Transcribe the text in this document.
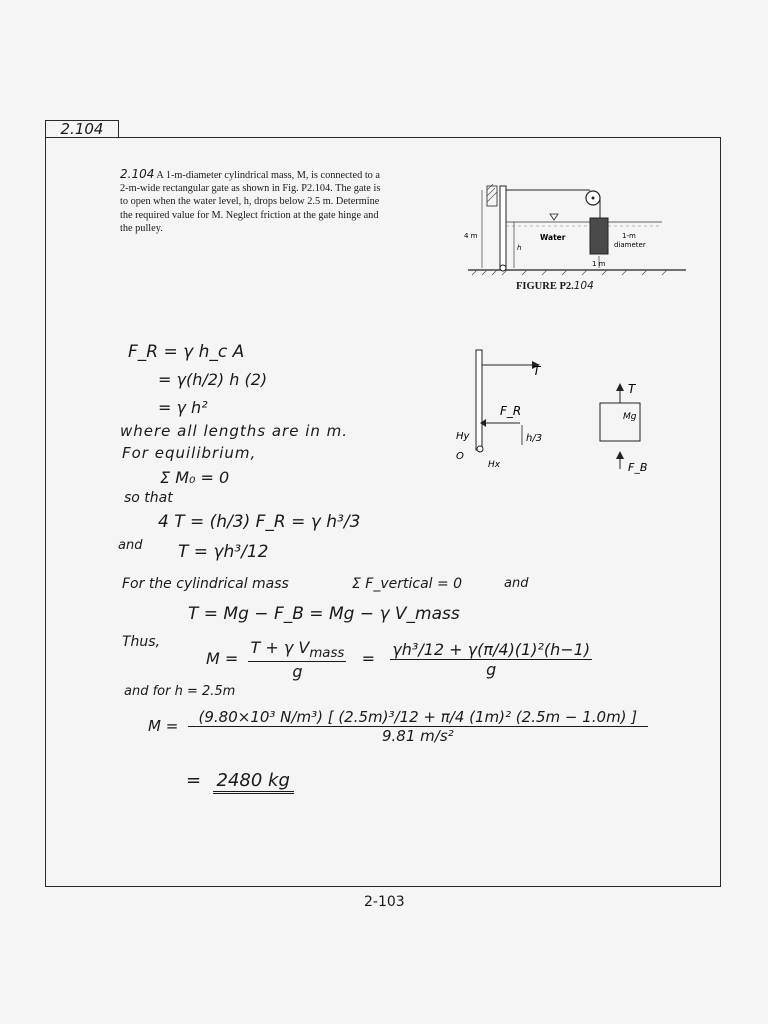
2.104
2.104 A 1-m-diameter cylindrical mass, M, is connected to a 2-m-wide rectangular gate as shown in Fig. P2.104. The gate is to open when the water level, h, drops below 2.5 m. Determine the required value for M. Neglect friction at the gate hinge and the pulley.
4 m
h
Water	1-m
diameter
1 m
FIGURE P2.104
F_R = γ h_c A
= γ(h/2) h (2)
= γ h²
where all lengths are in m.
For equilibrium,
Σ M₀ = 0
so that
4 T = (h/3) F_R = γ h³/3
and T = γh³/12
For the cylindrical mass	Σ F_vertical = 0	and
T = Mg − F_B = Mg − γ V_mass
Thus,
$M = \frac{T + \gamma V_{mass}}{g} = \frac{\text{γh³/12 + γ(π/4)(1)²(h−1)}}{g}$
and for h = 2.5m
$M = \frac{\text{(9.80×10³ N/m³) [ (2.5m)³/12 + π/4 (1m)² (2.5m − 1.0m) ]}}{\text{9.81 m/s²}}$
=  2480 kg
T
F_R
h/3
Hy
O
Hx
T
Mg
F_B
2-103
